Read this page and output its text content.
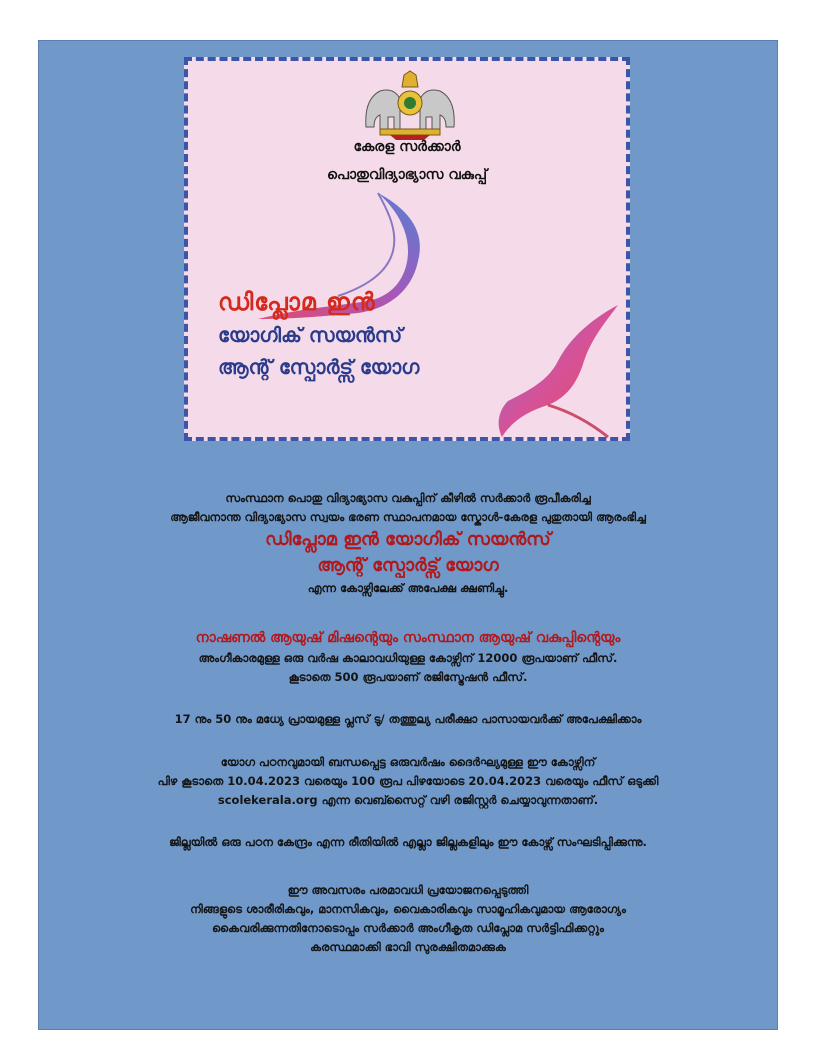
കേരള സർക്കാർ
പൊതുവിദ്യാഭ്യാസ വകുപ്പ്
ഡിപ്ലോമ ഇൻ
യോഗിക് സയൻസ്
ആന്റ് സ്പോർട്സ് യോഗ

സംസ്ഥാന പൊതു വിദ്യാഭ്യാസ വകുപ്പിന് കീഴിൽ സർക്കാർ രൂപീകരിച്ച

ആജീവനാന്ത വിദ്യാഭ്യാസ സ്വയം ഭരണ സ്ഥാപനമായ സ്കോൾ-കേരള പുതുതായി ആരംഭിച്ച

ഡിപ്ലോമ ഇൻ യോഗിക് സയൻസ്

ആന്റ് സ്പോർട്സ് യോഗ

എന്ന കോഴ്സിലേക്ക് അപേക്ഷ ക്ഷണിച്ചു.

നാഷണൽ ആയുഷ് മിഷന്റെയും സംസ്ഥാന ആയുഷ് വകുപ്പിന്റെയും

അംഗീകാരമുള്ള ഒരു വർഷ കാലാവധിയുള്ള കോഴ്സിന് 12000 രൂപയാണ് ഫീസ്.

കൂടാതെ 500 രൂപയാണ് രജിസ്ട്രേഷൻ ഫീസ്.

17 നും 50 നും മധ്യേ പ്രായമുള്ള പ്ലസ് ടു/ തത്തുല്യ പരീക്ഷാ പാസായവർക്ക് അപേക്ഷിക്കാം

യോഗ പഠനവുമായി ബന്ധപ്പെട്ട ഒരുവർഷം ദൈർഘ്യമുള്ള ഈ കോഴ്സിന്

പിഴ കൂടാതെ 10.04.2023 വരെയും 100 രൂപ പിഴയോടെ 20.04.2023 വരെയും ഫീസ് ഒടുക്കി

scolekerala.org എന്ന വെബ്സൈറ്റ് വഴി രജിസ്റ്റർ ചെയ്യാവുന്നതാണ്.

ജില്ലയിൽ ഒരു പഠന കേന്ദ്രം എന്ന രീതിയിൽ എല്ലാ ജില്ലകളിലും ഈ കോഴ്സ് സംഘടിപ്പിക്കുന്നു.

ഈ അവസരം പരമാവധി പ്രയോജനപ്പെടുത്തി

നിങ്ങളുടെ ശാരീരികവും, മാനസികവും, വൈകാരികവും സാമൂഹികവുമായ ആരോഗ്യം

കൈവരിക്കുന്നതിനോടൊപ്പം സർക്കാർ അംഗീകൃത ഡിപ്ലോമ സർട്ടിഫിക്കറ്റും

കരസ്ഥമാക്കി ഭാവി സുരക്ഷിതമാക്കുക
